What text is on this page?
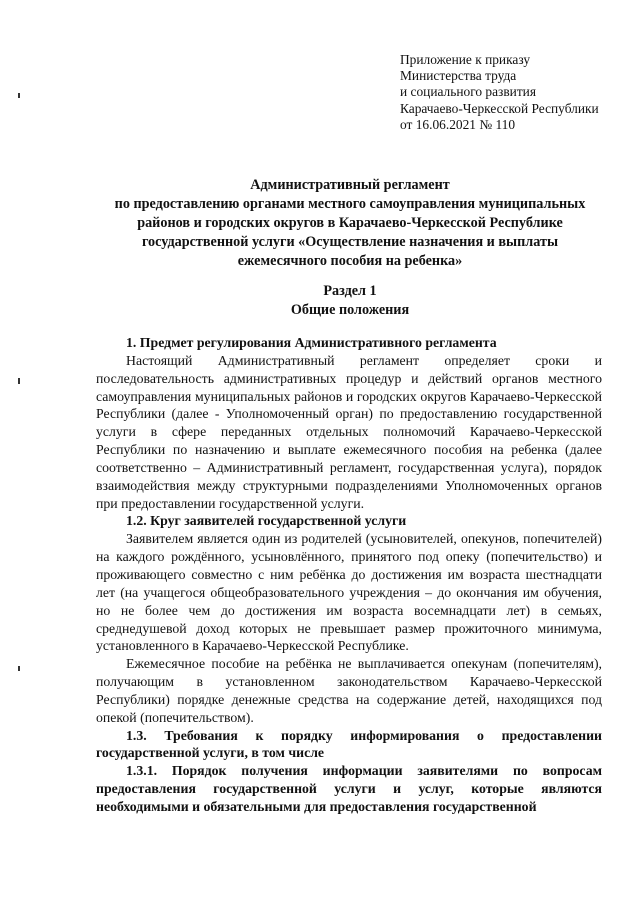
Приложение к приказу
Министерства труда
и социального развития
Карачаево-Черкесской Республики
от 16.06.2021 № 110
Административный регламент
по предоставлению органами местного самоуправления муниципальных
районов и городских округов в Карачаево-Черкесской Республике
государственной услуги «Осуществление назначения и выплаты
ежемесячного пособия на ребенка»
Раздел 1
Общие положения

1. Предмет регулирования Административного регламента

Настоящий Административный регламент определяет сроки и последовательность административных процедур и действий органов местного самоуправления муниципальных районов и городских округов Карачаево-Черкесской Республики (далее - Уполномоченный орган) по предоставлению государственной услуги в сфере переданных отдельных полномочий Карачаево-Черкесской Республики по назначению и выплате ежемесячного пособия на ребенка (далее соответственно – Административный регламент, государственная услуга), порядок взаимодействия между структурными подразделениями Уполномоченных органов при предоставлении государственной услуги.

1.2. Круг заявителей государственной услуги

Заявителем является один из родителей (усыновителей, опекунов, попечителей) на каждого рождённого, усыновлённого, принятого под опеку (попечительство) и проживающего совместно с ним ребёнка до достижения им возраста шестнадцати лет (на учащегося общеобразовательного учреждения – до окончания им обучения, но не более чем до достижения им возраста восемнадцати лет) в семьях, среднедушевой доход которых не превышает размер прожиточного минимума, установленного в Карачаево-Черкесской Республике.

Ежемесячное пособие на ребёнка не выплачивается опекунам (попечителям), получающим в установленном законодательством Карачаево-Черкесской Республики) порядке денежные средства на содержание детей, находящихся под опекой (попечительством).

1.3. Требования к порядку информирования о предоставлении государственной услуги, в том числе

1.3.1. Порядок получения информации заявителями по вопросам предоставления государственной услуги и услуг, которые являются необходимыми и обязательными для предоставления государственной
